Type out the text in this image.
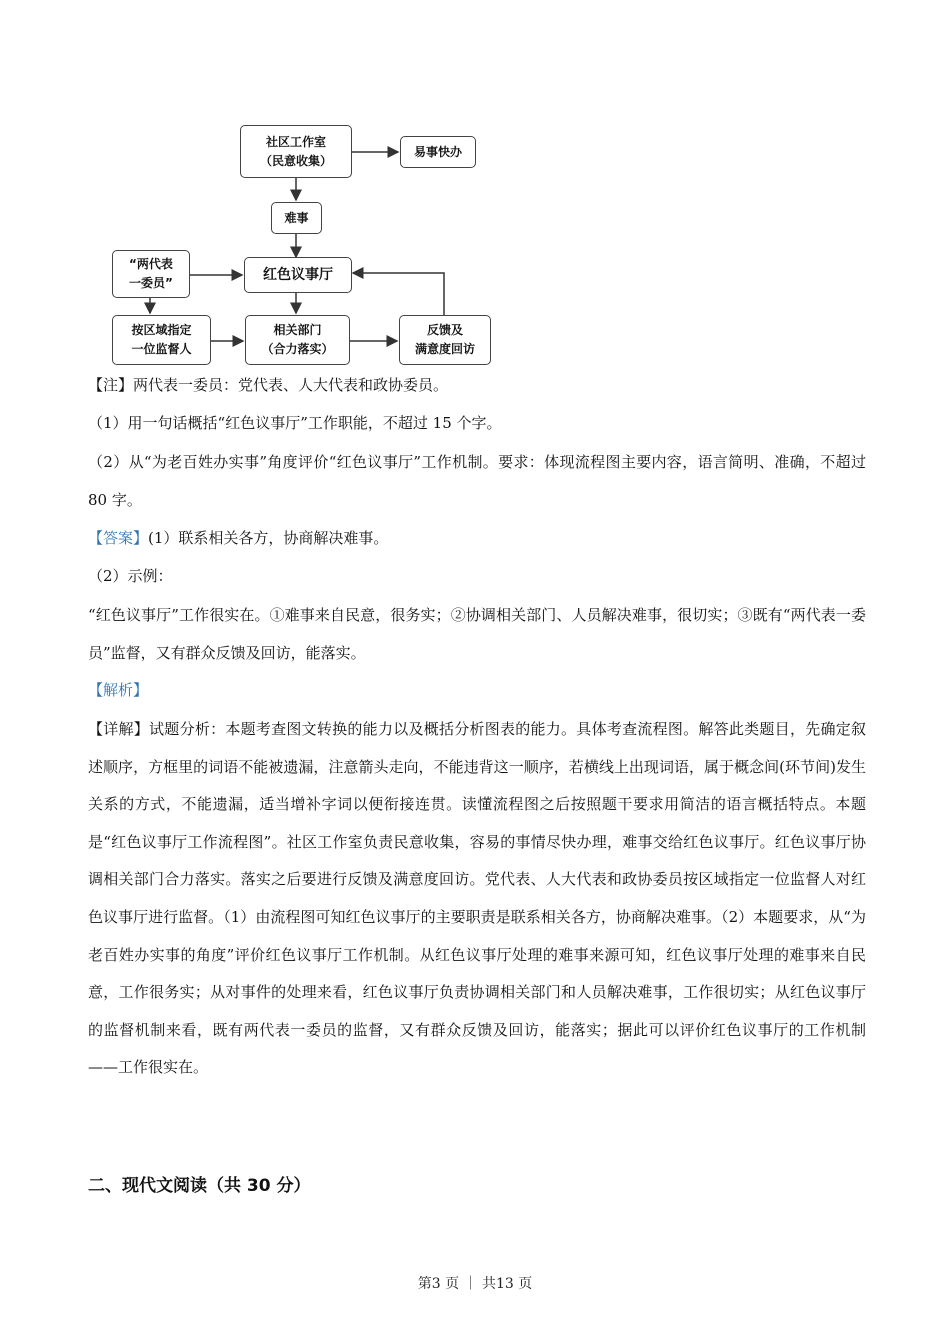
社区工作室
（民意收集）
易事快办
难事
红色议事厅
“两代表
一委员”
按区域指定
一位监督人
相关部门
（合力落实）
反馈及
满意度回访
【注】两代表一委员：党代表、人大代表和政协委员。
（1）用一句话概括“红色议事厅”工作职能，不超过 15 个字。
（2）从“为老百姓办实事”角度评价“红色议事厅”工作机制。要求：体现流程图主要内容，语言简明、准确，不超过 80 字。
【答案】(1）联系相关各方，协商解决难事。
（2）示例：
“红色议事厅”工作很实在。①难事来自民意，很务实；②协调相关部门、人员解决难事，很切实；③既有“两代表一委员”监督，又有群众反馈及回访，能落实。
【解析】
【详解】试题分析：本题考查图文转换的能力以及概括分析图表的能力。具体考查流程图。解答此类题目，先确定叙述顺序，方框里的词语不能被遗漏，注意箭头走向，不能违背这一顺序，若横线上出现词语，属于概念间(环节间)发生关系的方式，不能遗漏，适当增补字词以便衔接连贯。读懂流程图之后按照题干要求用简洁的语言概括特点。本题是“红色议事厅工作流程图”。社区工作室负责民意收集，容易的事情尽快办理，难事交给红色议事厅。红色议事厅协调相关部门合力落实。落实之后要进行反馈及满意度回访。党代表、人大代表和政协委员按区域指定一位监督人对红色议事厅进行监督。（1）由流程图可知红色议事厅的主要职责是联系相关各方，协商解决难事。（2）本题要求，从“为老百姓办实事的角度”评价红色议事厅工作机制。从红色议事厅处理的难事来源可知，红色议事厅处理的难事来自民意，工作很务实；从对事件的处理来看，红色议事厅负责协调相关部门和人员解决难事，工作很切实；从红色议事厅的监督机制来看，既有两代表一委员的监督，又有群众反馈及回访，能落实；据此可以评价红色议事厅的工作机制——工作很实在。
二、现代文阅读（共 30 分）
第3 页 ｜ 共13 页
